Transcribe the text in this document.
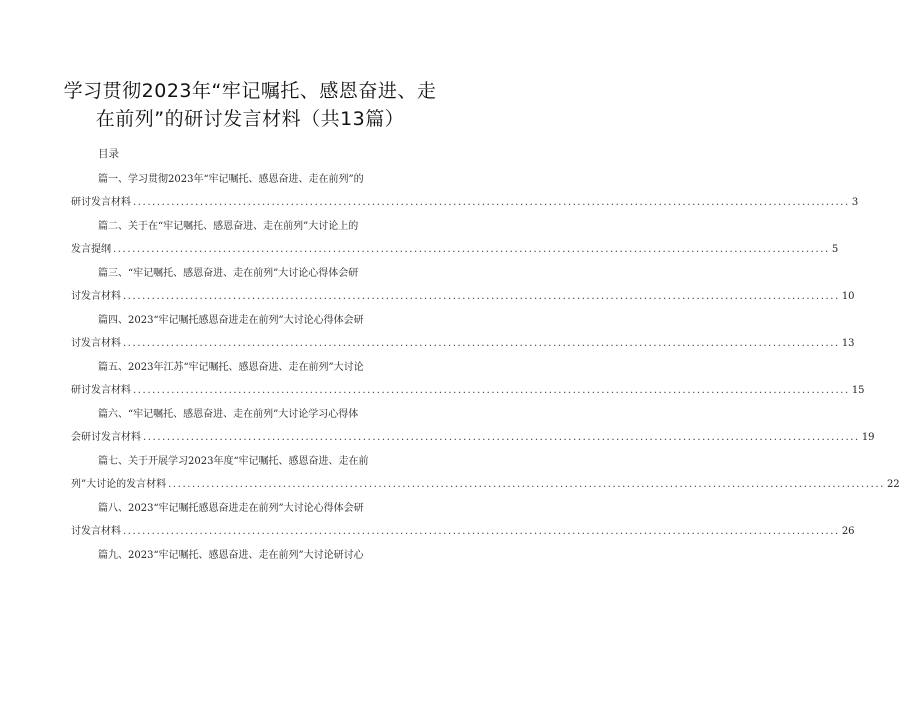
学习贯彻2023年“牢记嘱托、感恩奋进、走
在前列”的研讨发言材料（共13篇）
目录
篇一、学习贯彻2023年“牢记嘱托、感恩奋进、走在前列”的
研讨发言材料 ...................................................................................................................................................... 3
篇二、关于在“牢记嘱托、感恩奋进、走在前列”大讨论上的
发言提纲 ...................................................................................................................................................... 5
篇三、“牢记嘱托、感恩奋进、走在前列”大讨论心得体会研
讨发言材料 ...................................................................................................................................................... 10
篇四、2023“牢记嘱托感恩奋进走在前列”大讨论心得体会研
讨发言材料 ...................................................................................................................................................... 13
篇五、2023年江苏“牢记嘱托、感恩奋进、走在前列”大讨论
研讨发言材料 ...................................................................................................................................................... 15
篇六、“牢记嘱托、感恩奋进、走在前列”大讨论学习心得体
会研讨发言材料 ...................................................................................................................................................... 19
篇七、关于开展学习2023年度“牢记嘱托、感恩奋进、走在前
列”大讨论的发言材料 ...................................................................................................................................................... 22
篇八、2023“牢记嘱托感恩奋进走在前列”大讨论心得体会研
讨发言材料 ...................................................................................................................................................... 26
篇九、2023“牢记嘱托、感恩奋进、走在前列”大讨论研讨心
